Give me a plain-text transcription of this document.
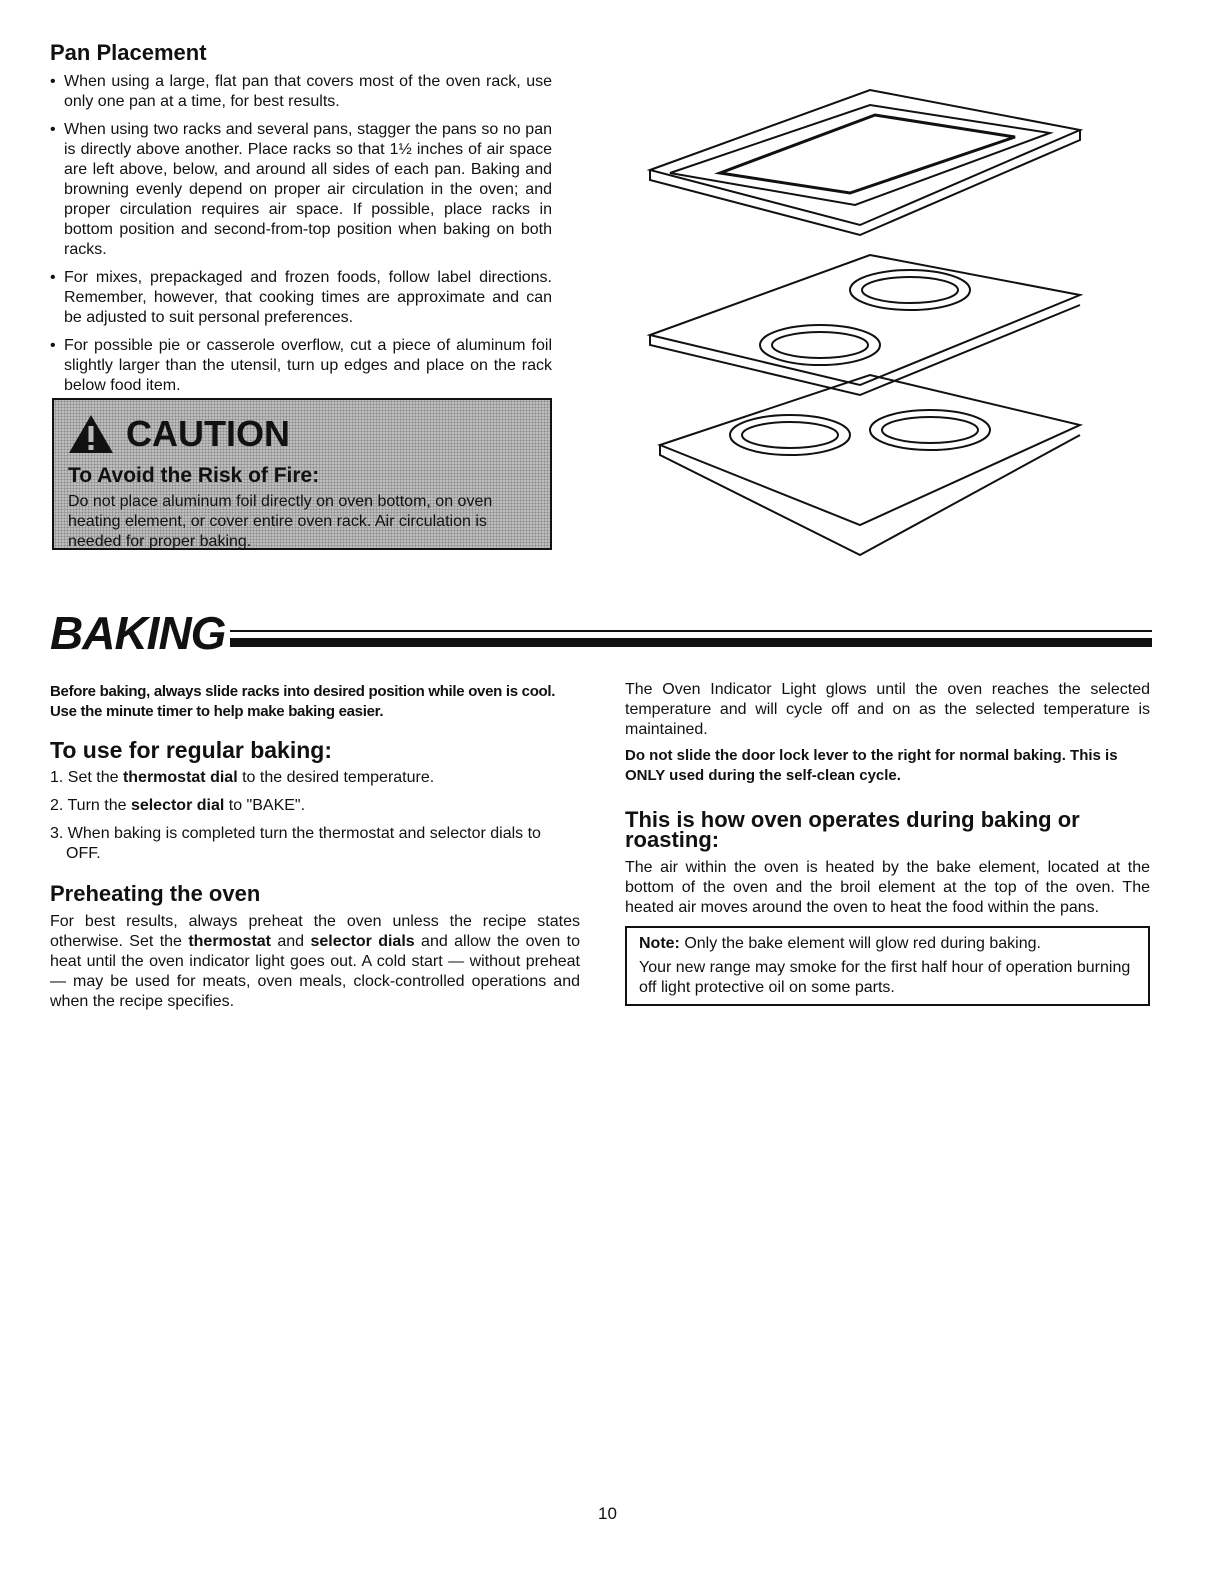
Pan Placement
• When using a large, flat pan that covers most of the oven rack, use only one pan at a time, for best results.
• When using two racks and several pans, stagger the pans so no pan is directly above another. Place racks so that 1½ inches of air space are left above, below, and around all sides of each pan. Baking and browning evenly depend on proper air circulation in the oven; and proper circulation requires air space. If possible, place racks in bottom position and second-from-top position when baking on both racks.
• For mixes, prepackaged and frozen foods, follow label directions. Remember, however, that cooking times are approximate and can be adjusted to suit personal preferences.
• For possible pie or casserole overflow, cut a piece of aluminum foil slightly larger than the utensil, turn up edges and place on the rack below food item.
CAUTION
To Avoid the Risk of Fire:
Do not place aluminum foil directly on oven bottom, on oven heating element, or cover entire oven rack. Air circulation is needed for proper baking.
BAKING

Before baking, always slide racks into desired position while oven is cool. Use the minute timer to help make baking easier.

To use for regular baking:
1. Set the thermostat dial to the desired temperature.
2. Turn the selector dial to "BAKE".
3. When baking is completed turn the thermostat and selector dials to OFF.
Preheating the oven

For best results, always preheat the oven unless the recipe states otherwise. Set the thermostat and selector dials and allow the oven to heat until the oven indicator light goes out. A cold start — without preheat — may be used for meats, oven meals, clock-controlled operations and when the recipe specifies.

The Oven Indicator Light glows until the oven reaches the selected temperature and will cycle off and on as the selected temperature is maintained.

Do not slide the door lock lever to the right for normal baking. This is ONLY used during the self-clean cycle.

This is how oven operates during baking or roasting:

The air within the oven is heated by the bake element, located at the bottom of the oven and the broil element at the top of the oven. The heated air moves around the oven to heat the food within the pans.

Note: Only the bake element will glow red during baking.

Your new range may smoke for the first half hour of operation burning off light protective oil on some parts.

10
